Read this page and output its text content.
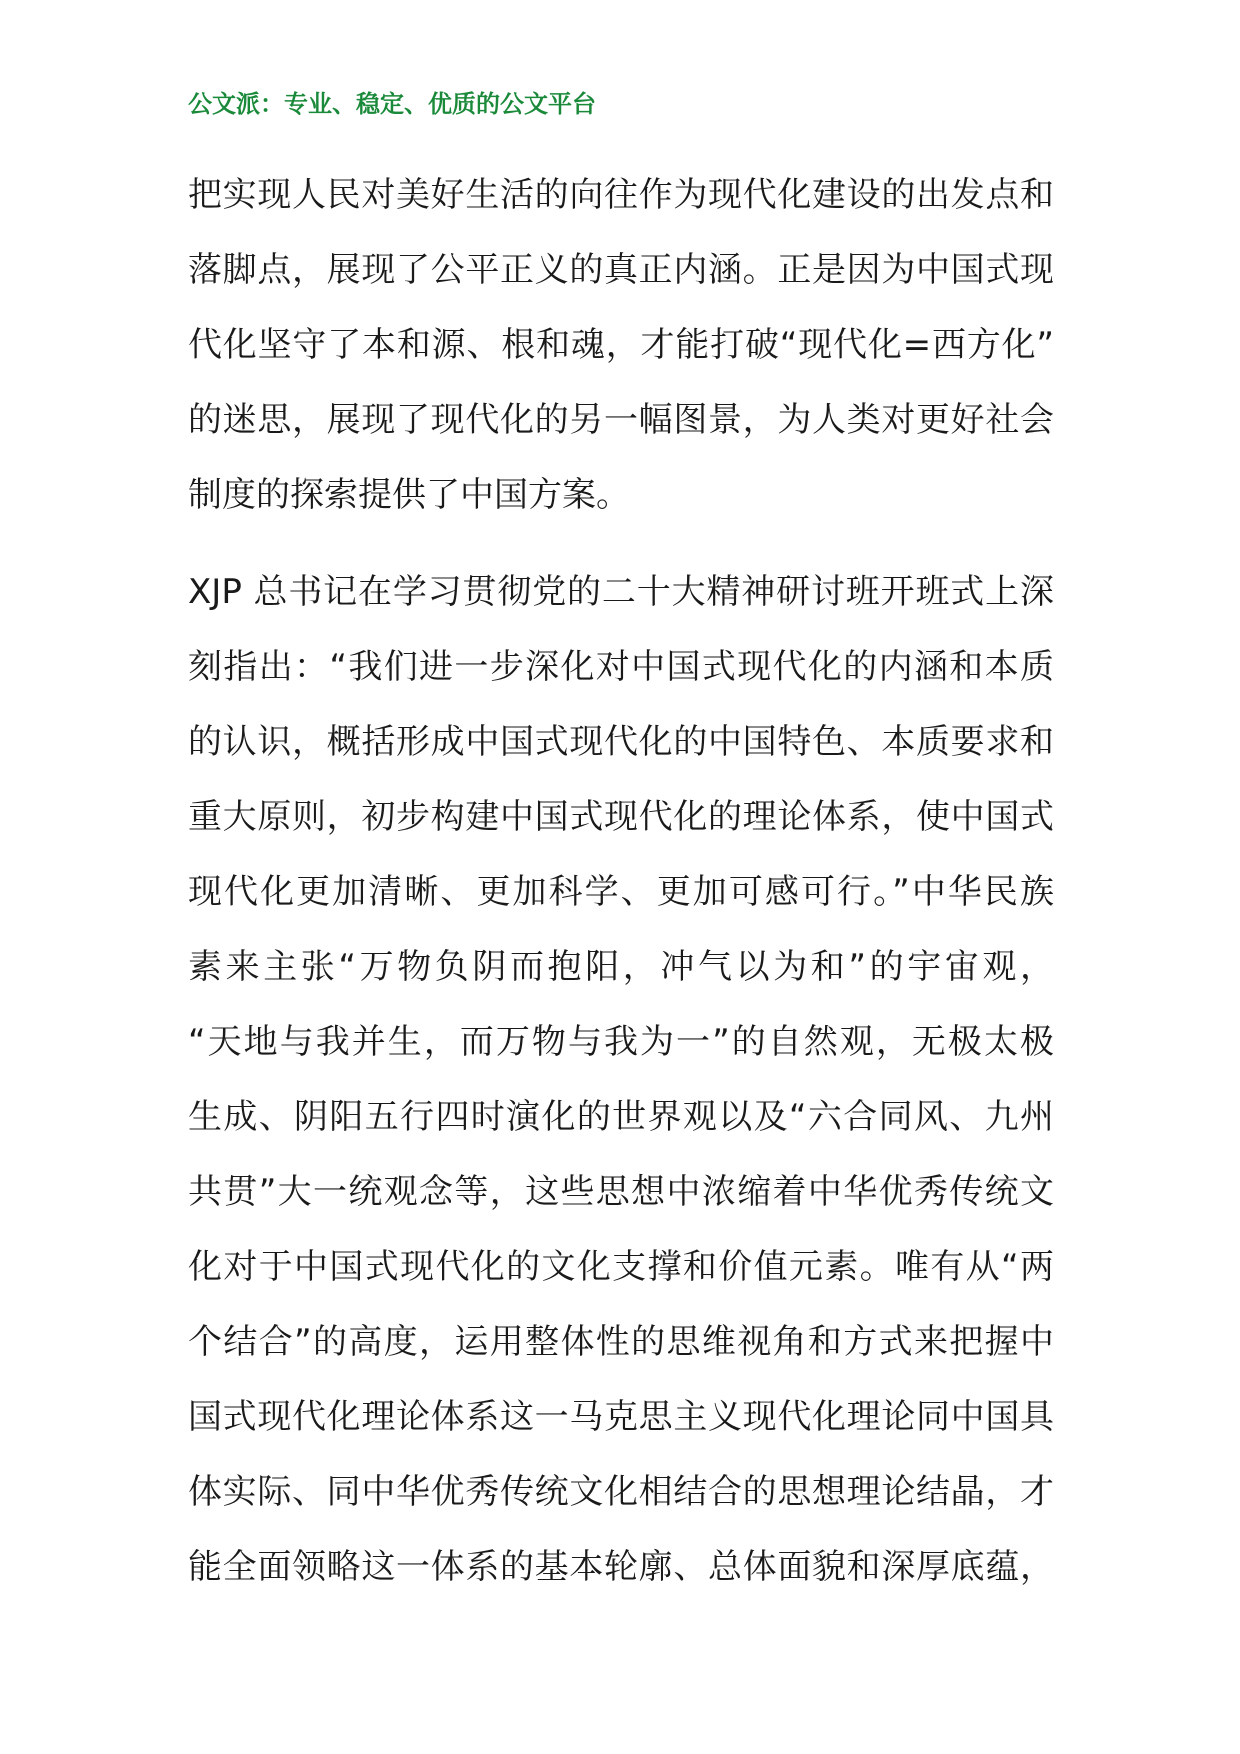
公文派：专业、稳定、优质的公文平台
把实现人民对美好生活的向往作为现代化建设的出发点和
落脚点，展现了公平正义的真正内涵。正是因为中国式现
代化坚守了本和源、根和魂，才能打破“现代化=西方化”
的迷思，展现了现代化的另一幅图景，为人类对更好社会
制度的探索提供了中国方案。
XJP 总书记在学习贯彻党的二十大精神研讨班开班式上深
刻指出：“我们进一步深化对中国式现代化的内涵和本质
的认识，概括形成中国式现代化的中国特色、本质要求和
重大原则，初步构建中国式现代化的理论体系，使中国式
现代化更加清晰、更加科学、更加可感可行。”中华民族
素来主张“万物负阴而抱阳，冲气以为和”的宇宙观，
“天地与我并生，而万物与我为一”的自然观，无极太极
生成、阴阳五行四时演化的世界观以及“六合同风、九州
共贯”大一统观念等，这些思想中浓缩着中华优秀传统文
化对于中国式现代化的文化支撑和价值元素。唯有从“两
个结合”的高度，运用整体性的思维视角和方式来把握中
国式现代化理论体系这一马克思主义现代化理论同中国具
体实际、同中华优秀传统文化相结合的思想理论结晶，才
能全面领略这一体系的基本轮廓、总体面貌和深厚底蕴，
